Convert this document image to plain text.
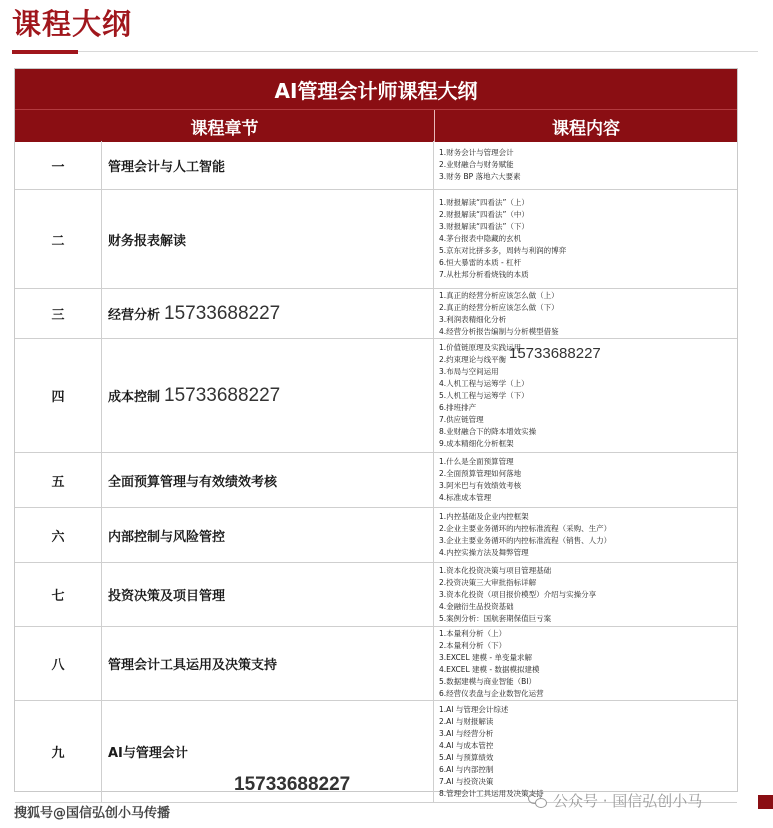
课程大纲
AI管理会计师课程大纲
课程章节	课程内容
一	管理会计与人工智能
1.财务会计与管理会计
2.业财融合与财务赋能
3.财务 BP 落地六大要素
二	财务报表解读
1.财报解读“四看法”（上）
2.财报解读“四看法”（中）
3.财报解读“四看法”（下）
4.茅台报表中隐藏的玄机
5.京东对比拼多多，周转与利润的博弈
6.恒大暴雷的本质 - 杠杆
7.从杜邦分析看烧钱的本质
三	经营分析 15733688227
1.真正的经营分析应该怎么做（上）
2.真正的经营分析应该怎么做（下）
3.利润表精细化分析
4.经营分析报告编制与分析模型借鉴
四	成本控制 15733688227
1.价值链原理及实践运用
2.约束理论与线平衡
3.布局与空间运用
4.人机工程与运筹学（上）
5.人机工程与运筹学（下）
6.排班排产
7.供应链管理
8.业财融合下的降本增效实操
9.成本精细化分析框架
15733688227
五	全面预算管理与有效绩效考核
1.什么是全面预算管理
2.全面预算管理如何落地
3.阿米巴与有效绩效考核
4.标准成本管理
六	内部控制与风险管控
1.内控基础及企业内控框架
2.企业主要业务循环的内控标准流程（采购、生产）
3.企业主要业务循环的内控标准流程（销售、人力）
4.内控实操方法及舞弊管理
七	投资决策及项目管理
1.资本化投资决策与项目管理基础
2.投资决策三大审批指标详解
3.资本化投资（项目报价模型）介绍与实操分享
4.金融衍生品投资基础
5.案例分析：国航套期保值巨亏案
八	管理会计工具运用及决策支持
1.本量利分析（上）
2.本量利分析（下）
3.EXCEL 建模 - 单变量求解
4.EXCEL 建模 - 数据模拟建模
5.数据建模与商业智能（BI）
6.经营仪表盘与企业数智化运营
九	AI与管理会计
15733688227
1.AI 与管理会计综述
2.AI 与财报解读
3.AI 与经营分析
4.AI 与成本管控
5.AI 与预算绩效
6.AI 与内部控制
7.AI 与投资决策
8.管理会计工具运用及决策支持
搜狐号@国信弘创小马传播
公众号 · 国信弘创小马
